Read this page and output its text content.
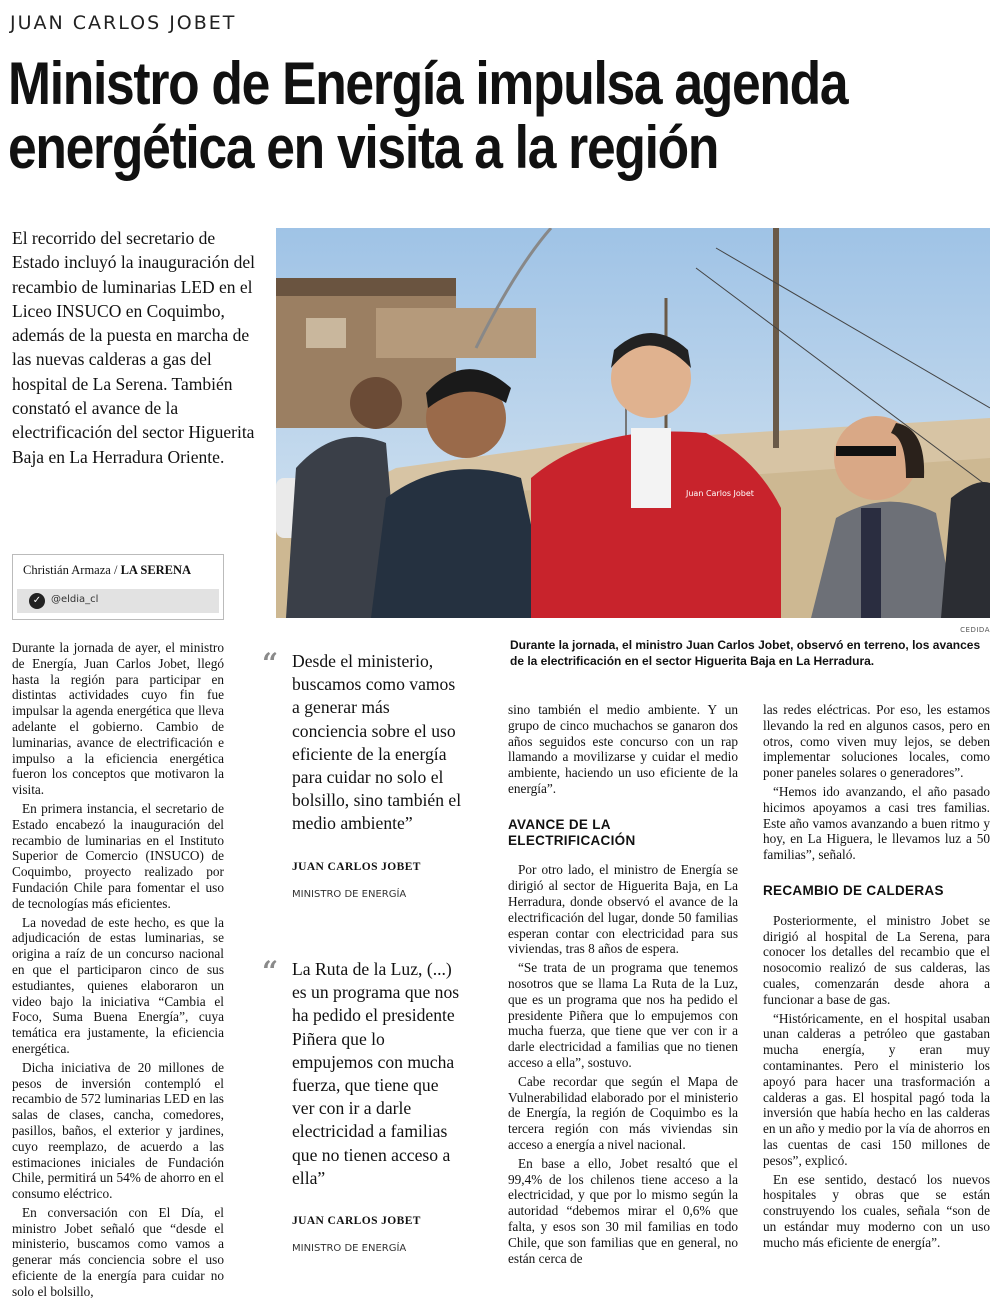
JUAN CARLOS JOBET
Ministro de Energía impulsa agenda
energética en visita a la región
El recorrido del secretario de Estado incluyó la inauguración del recambio de luminarias LED en el Liceo INSUCO en Coquimbo, además de la puesta en marcha de las nuevas calderas a gas del hospital de La Serena. También constató el avance de la electrificación del sector Higuerita Baja en La Herradura Oriente.
Christián Armaza / LA SERENA
✓ @eldia_cl
Juan Carlos Jobet
CEDIDA
Durante la jornada, el ministro Juan Carlos Jobet, observó en terreno, los avances de la electrificación en el sector Higuerita Baja en La Herradura.

Durante la jornada de ayer, el ministro de Energía, Juan Carlos Jobet, llegó hasta la región para participar en distintas actividades cuyo fin fue impulsar la agenda energética que lleva adelante el gobierno. Cambio de luminarias, avance de electrificación e impulso a la eficiencia energética fueron los conceptos que motivaron la visita.

En primera instancia, el secretario de Estado encabezó la inauguración del recambio de luminarias en el Instituto Superior de Comercio (INSUCO) de Coquimbo, proyecto realizado por Fundación Chile para fomentar el uso de tecnologías más eficientes.

La novedad de este hecho, es que la adjudicación de estas luminarias, se origina a raíz de un concurso nacional en que el participaron cinco de sus estudiantes, quienes elaboraron un video bajo la iniciativa “Cambia el Foco, Suma Buena Energía”, cuya temática era justamente, la eficiencia energética.

Dicha iniciativa de 20 millones de pesos de inversión contempló el recambio de 572 luminarias LED en las salas de clases, cancha, comedores, pasillos, baños, el exterior y jardines, cuyo reemplazo, de acuerdo a las estimaciones iniciales de Fundación Chile, permitirá un 54% de ahorro en el consumo eléctrico.

En conversación con El Día, el ministro Jobet señaló que “desde el ministerio, buscamos como vamos a generar más conciencia sobre el uso eficiente de la energía para cuidar no solo el bolsillo,

“ Desde el ministerio, buscamos como vamos a generar más conciencia sobre el uso eficiente de la energía para cuidar no solo el bolsillo, sino también el medio ambiente”
JUAN CARLOS JOBET
MINISTRO DE ENERGÍA
“ La Ruta de la Luz, (...) es un programa que nos ha pedido el presidente Piñera que lo empujemos con mucha fuerza, que tiene que ver con ir a darle electricidad a familias que no tienen acceso a ella”
JUAN CARLOS JOBET
MINISTRO DE ENERGÍA

sino también el medio ambiente. Y un grupo de cinco muchachos se ganaron dos años seguidos este concurso con un rap llamando a movilizarse y cuidar el medio ambiente, haciendo un uso eficiente de la energía”.

AVANCE DE LA ELECTRIFICACIÓN

Por otro lado, el ministro de Energía se dirigió al sector de Higuerita Baja, en La Herradura, donde observó el avance de la electrificación del lugar, donde 50 familias esperan contar con electricidad para sus viviendas, tras 8 años de espera.

“Se trata de un programa que tenemos nosotros que se llama La Ruta de la Luz, que es un programa que nos ha pedido el presidente Piñera que lo empujemos con mucha fuerza, que tiene que ver con ir a darle electricidad a familias que no tienen acceso a ella”, sostuvo.

Cabe recordar que según el Mapa de Vulnerabilidad elaborado por el ministerio de Energía, la región de Coquimbo es la tercera región con más viviendas sin acceso a energía a nivel nacional.

En base a ello, Jobet resaltó que el 99,4% de los chilenos tiene acceso a la electricidad, y que por lo mismo según la autoridad “debemos mirar el 0,6% que falta, y esos son 30 mil familias en todo Chile, que son familias que en general, no están cerca de

las redes eléctricas. Por eso, les estamos llevando la red en algunos casos, pero en otros, como viven muy lejos, se deben implementar soluciones locales, como poner paneles solares o generadores”.

“Hemos ido avanzando, el año pasado hicimos apoyamos a casi tres familias. Este año vamos avanzando a buen ritmo y hoy, en La Higuera, le llevamos luz a 50 familias”, señaló.

RECAMBIO DE CALDERAS

Posteriormente, el ministro Jobet se dirigió al hospital de La Serena, para conocer los detalles del recambio que el nosocomio realizó de sus calderas, las cuales, comenzarán desde ahora a funcionar a base de gas.

“Históricamente, en el hospital usaban unan calderas a petróleo que gastaban mucha energía, y eran muy contaminantes. Pero el ministerio los apoyó para hacer una trasformación a calderas a gas. El hospital pagó toda la inversión que había hecho en las calderas en un año y medio por la vía de ahorros en las cuentas de casi 150 millones de pesos”, explicó.

En ese sentido, destacó los nuevos hospitales y obras que se están construyendo los cuales, señala “son de un estándar muy moderno con un uso mucho más eficiente de energía”.
